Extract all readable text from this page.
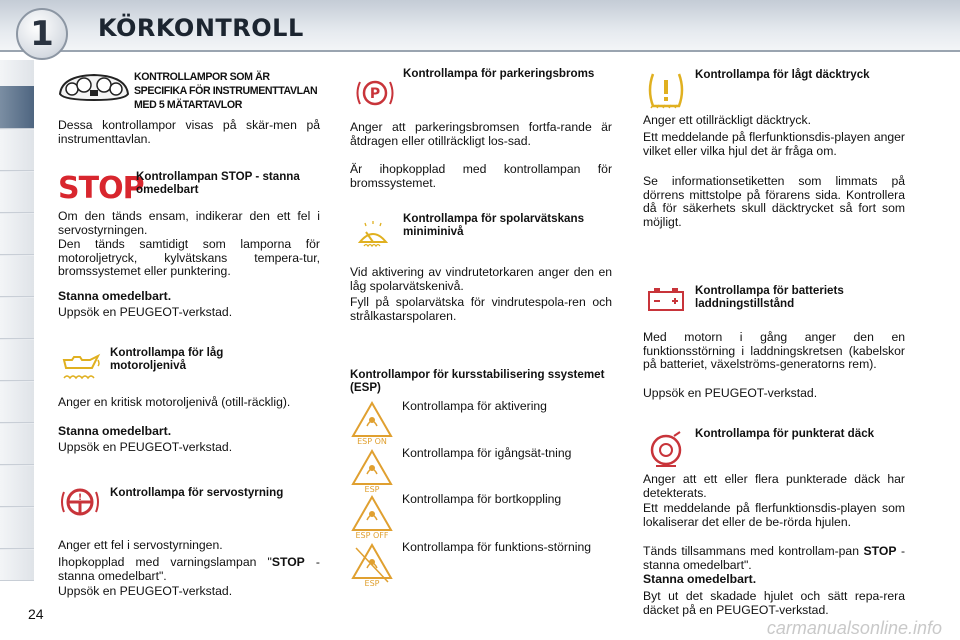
1	KÖRKONTROLL
KONTROLLAMPOR SOM ÄR SPECIFIKA FÖR INSTRUMENTTAVLAN MED 5 MÄTARTAVLOR
Dessa kontrollampor visas på skär-men på instrumenttavlan.
STOP
Kontrollampan STOP - stanna omedelbart
Om den tänds ensam, indikerar den ett fel i servostyrningen.
Den tänds samtidigt som lamporna för motoroljetryck, kylvätskans tempera-tur, bromssystemet eller punktering.
Stanna omedelbart.
Uppsök en PEUGEOT-verkstad.
Kontrollampa för låg motoroljenivå
Anger en kritisk motoroljenivå (otill-räcklig).
Stanna omedelbart.
Uppsök en PEUGEOT-verkstad.
! Kontrollampa för servostyrning
Anger ett fel i servostyrningen.
Ihopkopplad med varningslampan "STOP - stanna omedelbart".
Uppsök en PEUGEOT-verkstad.
P
Kontrollampa för parkeringsbroms
Anger att parkeringsbromsen fortfa-rande är åtdragen eller otillräckligt los-sad.
Är ihopkopplad med kontrollampan för bromssystemet.
Kontrollampa för spolarvätskans miniminivå
Vid aktivering av vindrutetorkaren anger den en låg spolarvätskenivå.
Fyll på spolarvätska för vindrutespola-ren och strålkastarspolaren.
Kontrollampor för kursstabilisering ssystemet (ESP)
ESP ON
Kontrollampa för aktivering
ESP
Kontrollampa för igångsät-tning
ESP OFF
Kontrollampa för bortkoppling
ESP
Kontrollampa för funktions-störning
Kontrollampa för lågt däcktryck
Anger ett otillräckligt däcktryck.
Ett meddelande på flerfunktionsdis-playen anger vilket eller vilka hjul det är fråga om.
Se informationsetiketten som limmats på dörrens mittstolpe på förarens sida. Kontrollera då för säkerhets skull däcktrycket så fort som möjligt.
Kontrollampa för batteriets laddningstillstånd
Med motorn i gång anger den en funktionsstörning i laddningskretsen (kabelskor på batteriet, växelströms-generatorns rem).
Uppsök en PEUGEOT-verkstad.
Kontrollampa för punkterat däck
Anger att ett eller flera punkterade däck har detekterats.
Ett meddelande på flerfunktionsdis-playen som lokaliserar det eller de be-rörda hjulen.
Tänds tillsammans med kontrollam-pan STOP - stanna omedelbart".
Stanna omedelbart.
Byt ut det skadade hjulet och sätt repa-rera däcket på en PEUGEOT-verkstad.
24
carmanualsonline.info
